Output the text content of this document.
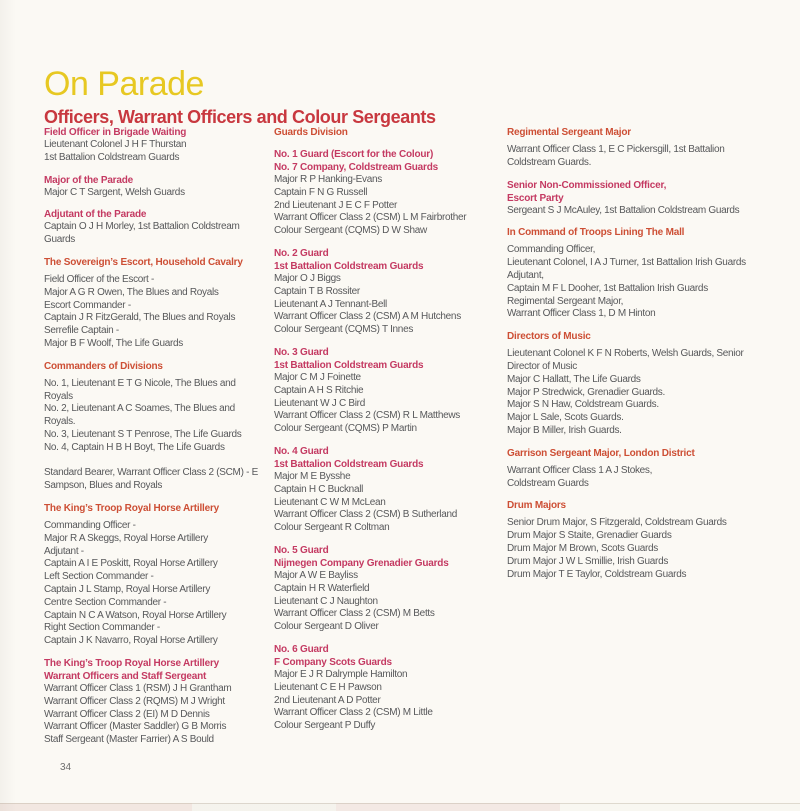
On Parade
Officers, Warrant Officers and Colour Sergeants
Field Officer in Brigade Waiting
Lieutenant Colonel J H F Thurstan
1st Battalion Coldstream Guards
Major of the Parade
Major C T Sargent, Welsh Guards
Adjutant of the Parade
Captain O J H Morley, 1st Battalion Coldstream Guards
The Sovereign’s Escort, Household Cavalry
Field Officer of the Escort -
Major A G R Owen, The Blues and Royals
Escort Commander -
Captain J R FitzGerald, The Blues and Royals
Serrefile Captain -
Major B F Woolf, The Life Guards
Commanders of Divisions
No. 1, Lieutenant E T G Nicole, The Blues and Royals
No. 2, Lieutenant A C Soames, The Blues and Royals.
No. 3, Lieutenant S T Penrose, The Life Guards
No. 4, Captain H B H Boyt, The Life Guards
Standard Bearer, Warrant Officer Class 2 (SCM) - E Sampson, Blues and Royals
The King’s Troop Royal Horse Artillery
Commanding Officer -
Major R A Skeggs, Royal Horse Artillery
Adjutant -
Captain A I E Poskitt, Royal Horse Artillery
Left Section Commander -
Captain J L Stamp, Royal Horse Artillery
Centre Section Commander -
Captain N C A Watson, Royal Horse Artillery
Right Section Commander -
Captain J K Navarro, Royal Horse Artillery
The King’s Troop Royal Horse Artillery
Warrant Officers and Staff Sergeant
Warrant Officer Class 1 (RSM) J H Grantham
Warrant Officer Class 2 (RQMS) M J Wright
Warrant Officer Class 2 (EI) M D Dennis
Warrant Officer (Master Saddler) G B Morris
Staff Sergeant (Master Farrier) A S Bould
Guards Division
No. 1 Guard (Escort for the Colour)
No. 7 Company, Coldstream Guards
Major R P Hanking-Evans
Captain F N G Russell
2nd Lieutenant J E C F Potter
Warrant Officer Class 2 (CSM) L M Fairbrother
Colour Sergeant (CQMS) D W Shaw
No. 2 Guard
1st Battalion Coldstream Guards
Major O J Biggs
Captain T B Rossiter
Lieutenant A J Tennant-Bell
Warrant Officer Class 2 (CSM) A M Hutchens
Colour Sergeant (CQMS) T Innes
No. 3 Guard
1st Battalion Coldstream Guards
Major C M J Foinette
Captain A H S Ritchie
Lieutenant W J C Bird
Warrant Officer Class 2 (CSM) R L Matthews
Colour Sergeant (CQMS) P Martin
No. 4 Guard
1st Battalion Coldstream Guards
Major M E Bysshe
Captain H C Bucknall
Lieutenant C W M McLean
Warrant Officer Class 2 (CSM) B Sutherland
Colour Sergeant R Coltman
No. 5 Guard
Nijmegen Company Grenadier Guards
Major A W E Bayliss
Captain H R Waterfield
Lieutenant C J Naughton
Warrant Officer Class 2 (CSM) M Betts
Colour Sergeant D Oliver
No. 6 Guard
F Company Scots Guards
Major E J R Dalrymple Hamilton
Lieutenant C E H Pawson
2nd Lieutenant A D Potter
Warrant Officer Class 2 (CSM) M Little
Colour Sergeant P Duffy
Regimental Sergeant Major
Warrant Officer Class 1, E C Pickersgill, 1st Battalion Coldstream Guards.
Senior Non-Commissioned Officer,
Escort Party
Sergeant S J McAuley, 1st Battalion Coldstream Guards
In Command of Troops Lining The Mall
Commanding Officer,
Lieutenant Colonel, I A J Turner, 1st Battalion Irish Guards
Adjutant,
Captain M F L Dooher, 1st Battalion Irish Guards
Regimental Sergeant Major,
Warrant Officer Class 1, D M Hinton
Directors of Music
Lieutenant Colonel K F N Roberts, Welsh Guards, Senior Director of Music
Major C Hallatt, The Life Guards
Major P Stredwick, Grenadier Guards.
Major S N Haw, Coldstream Guards.
Major L Sale, Scots Guards.
Major B Miller, Irish Guards.
Garrison Sergeant Major, London District
Warrant Officer Class 1 A J Stokes,
Coldstream Guards
Drum Majors
Senior Drum Major, S Fitzgerald, Coldstream Guards
Drum Major S Staite, Grenadier Guards
Drum Major M Brown, Scots Guards
Drum Major J W L Smillie, Irish Guards
Drum Major T E Taylor, Coldstream Guards
34
